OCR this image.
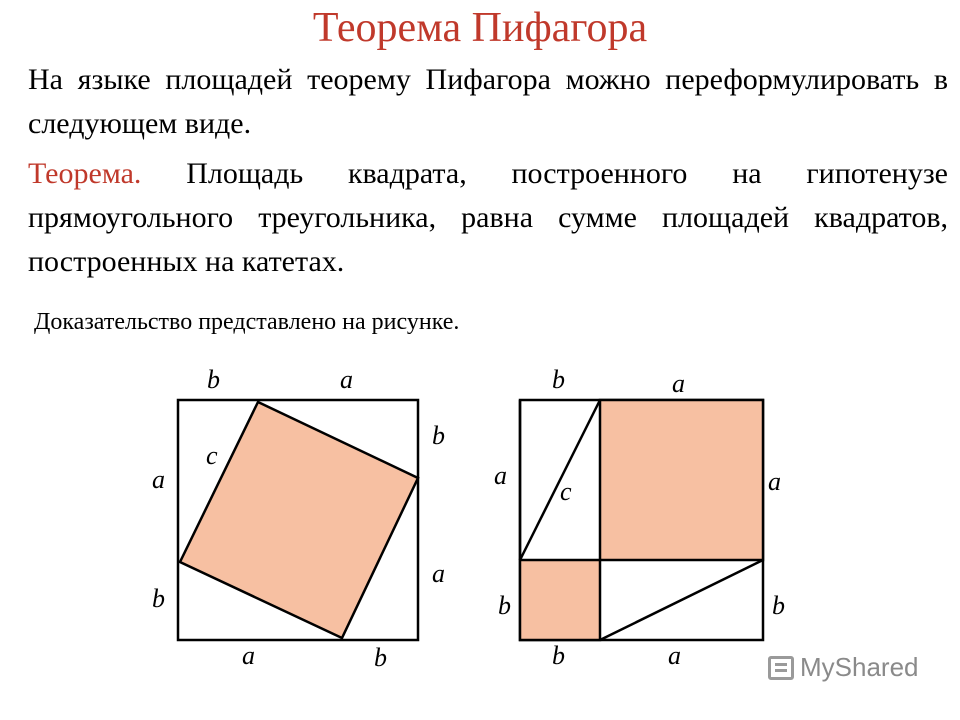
Теорема Пифагора
На языке площадей теорему Пифагора можно переформулировать в следующем виде.
Теорема. Площадь квадрата, построенного на гипотенузе прямоугольного треугольника, равна сумме площадей квадратов, построенных на катетах.
Доказательство представлено на рисунке.
b	a
a
b
b
a
a	b
c
b	a
a
b
a
b
b	a
c
MyShared
